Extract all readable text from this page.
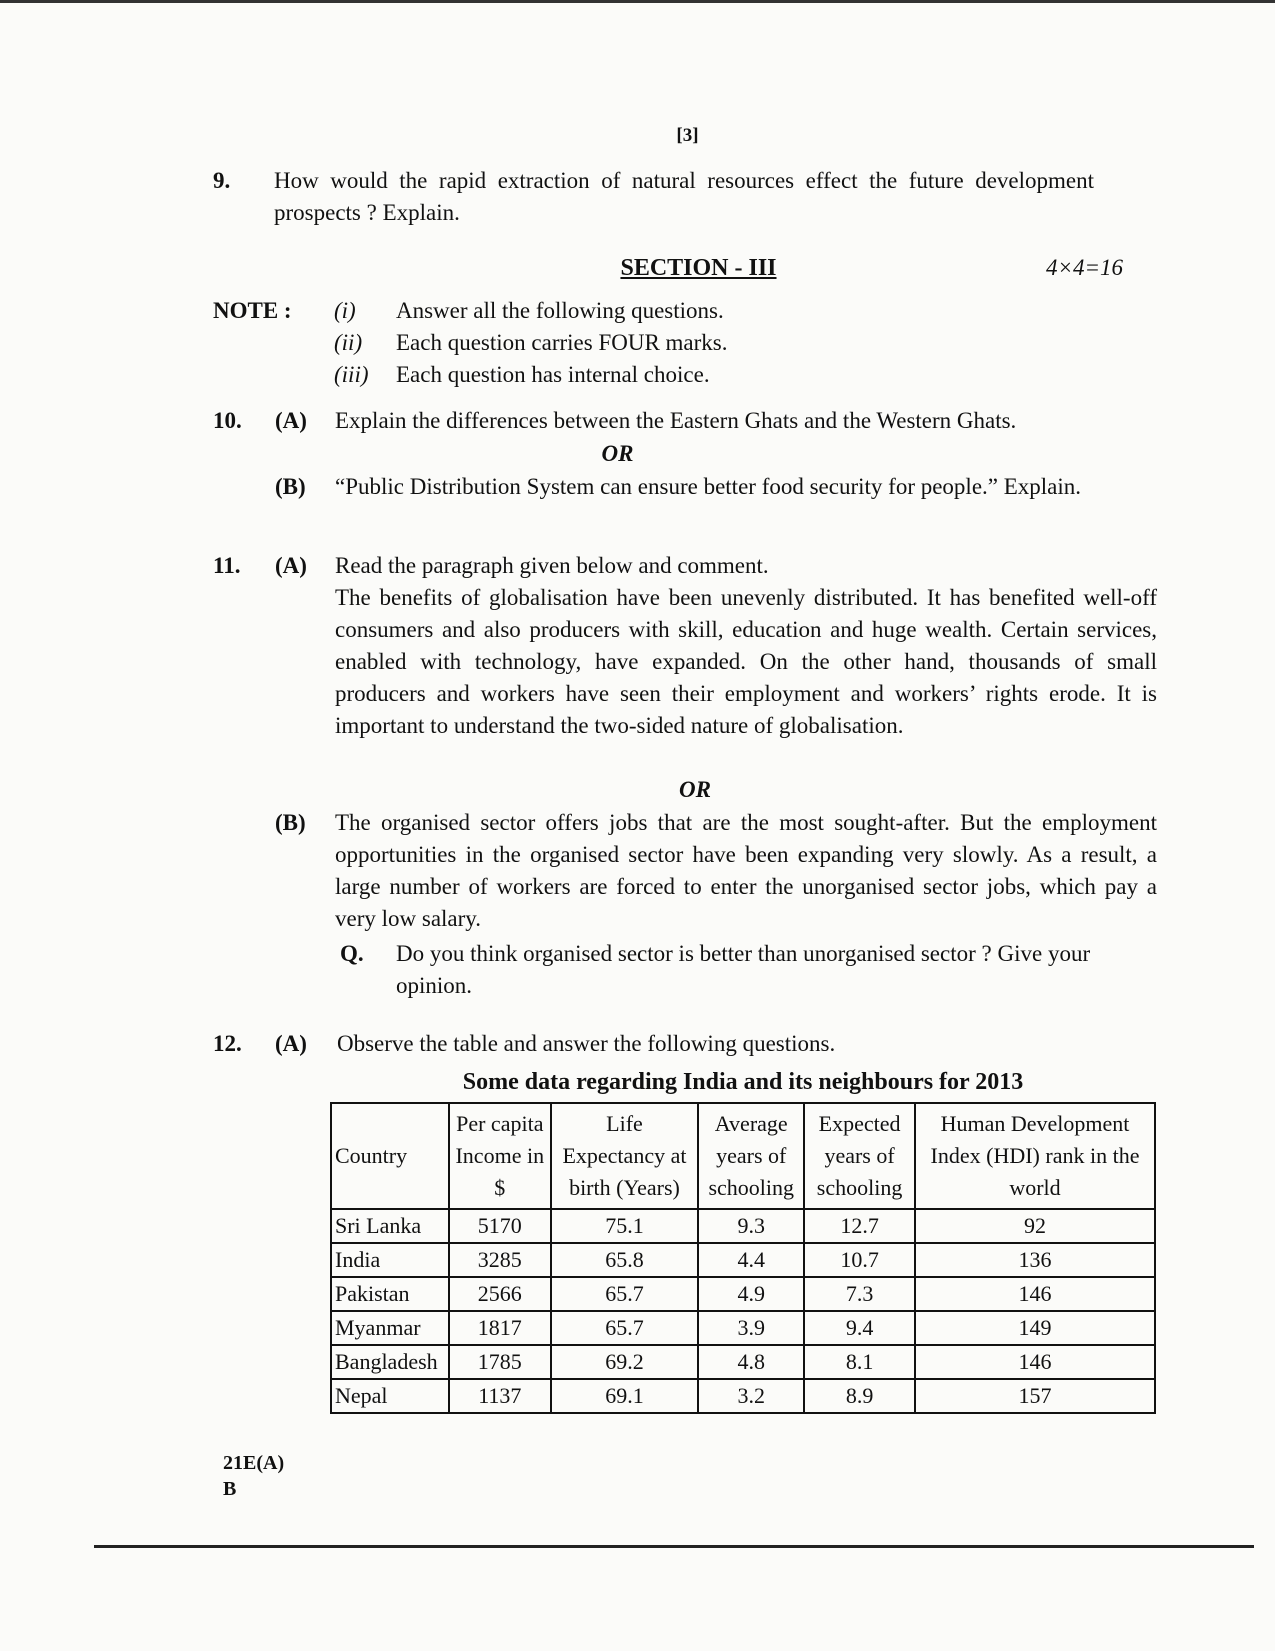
[3]
9. How would the rapid extraction of natural resources effect the future development prospects ? Explain.
SECTION - III	4×4=16
NOTE : (i) Answer all the following questions.
(ii) Each question carries FOUR marks.
(iii) Each question has internal choice.
10. (A) Explain the differences between the Eastern Ghats and the Western Ghats.
OR
(B) “Public Distribution System can ensure better food security for people.” Explain.
11. (A) Read the paragraph given below and comment.
The benefits of globalisation have been unevenly distributed. It has benefited well-off consumers and also producers with skill, education and huge wealth. Certain services, enabled with technology, have expanded. On the other hand, thousands of small producers and workers have seen their employment and workers’ rights erode. It is important to understand the two-sided nature of globalisation.
OR
(B) The organised sector offers jobs that are the most sought-after. But the employment opportunities in the organised sector have been expanding very slowly. As a result, a large number of workers are forced to enter the unorganised sector jobs, which pay a very low salary.
Q. Do you think organised sector is better than unorganised sector ? Give your opinion.
12. (A) Observe the table and answer the following questions.
Some data regarding India and its neighbours for 2013
Country	Per capita Income in $	Life Expectancy at birth (Years)	Average years of schooling	Expected years of schooling	Human Development Index (HDI) rank in the world
Sri Lanka	5170	75.1	9.3	12.7	92
India	3285	65.8	4.4	10.7	136
Pakistan	2566	65.7	4.9	7.3	146
Myanmar	1817	65.7	3.9	9.4	149
Bangladesh	1785	69.2	4.8	8.1	146
Nepal	1137	69.1	3.2	8.9	157
21E(A)
B
